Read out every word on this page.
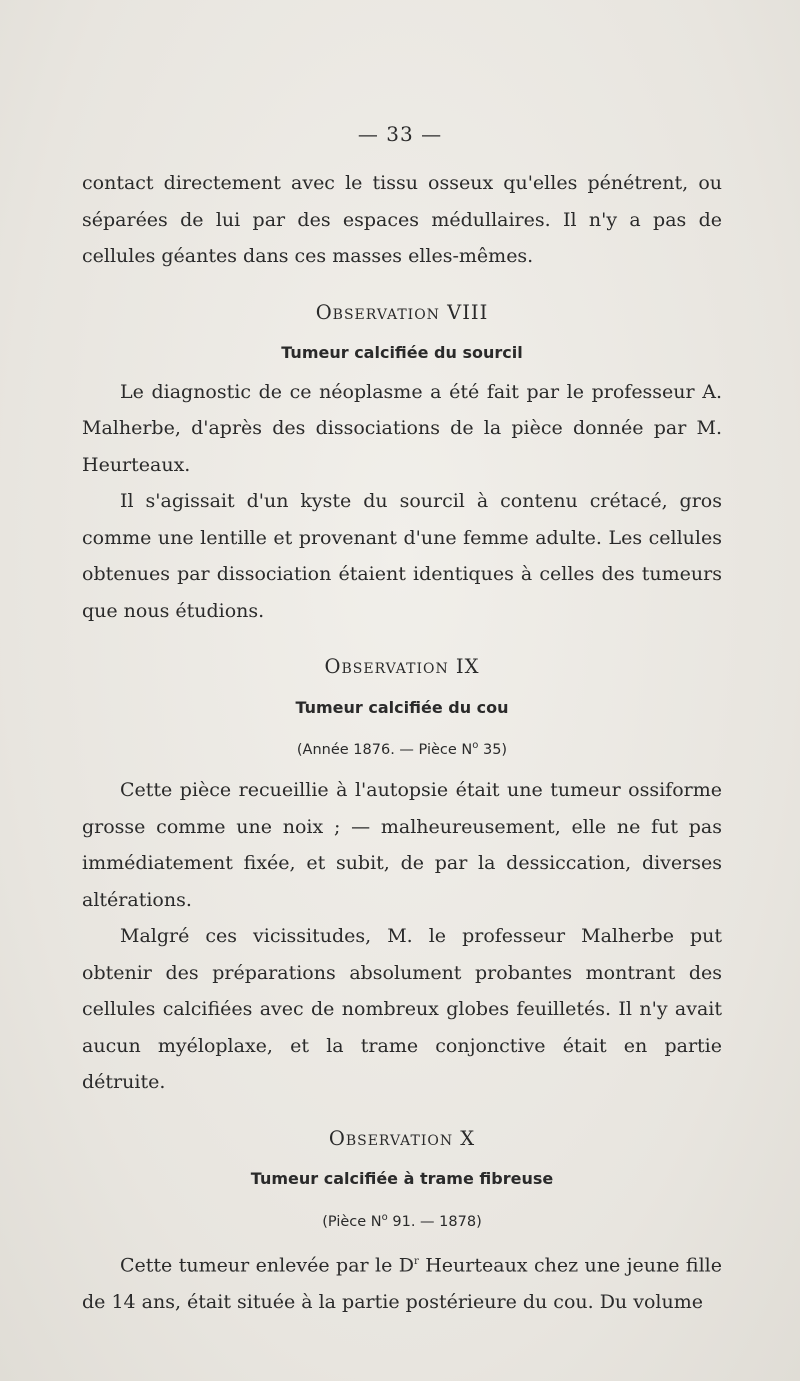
— 33 —

contact directement avec le tissu osseux qu'elles pénétrent, ou séparées de lui par des espaces médullaires. Il n'y a pas de cellules géantes dans ces masses elles-mêmes.

Observation VIII
Tumeur calcifiée du sourcil

Le diagnostic de ce néoplasme a été fait par le professeur A. Malherbe, d'après des dissociations de la pièce donnée par M. Heurteaux.

Il s'agissait d'un kyste du sourcil à contenu crétacé, gros comme une lentille et provenant d'une femme adulte. Les cellules obtenues par dissociation étaient identiques à celles des tumeurs que nous étudions.

Observation IX
Tumeur calcifiée du cou
(Année 1876. — Pièce $N^o$ 35)

Cette pièce recueillie à l'autopsie était une tumeur ossiforme grosse comme une noix ; — malheureusement, elle ne fut pas immédiatement fixée, et subit, de par la dessiccation, diverses altérations.

Malgré ces vicissitudes, M. le professeur Malherbe put obtenir des préparations absolument probantes montrant des cellules calcifiées avec de nombreux globes feuilletés. Il n'y avait aucun myéloplaxe, et la trame conjonctive était en partie détruite.

Observation X
Tumeur calcifiée à trame fibreuse
(Pièce $N^o$ 91. — 1878)

Cette tumeur enlevée par le $D^r$ Heurteaux chez une jeune fille de 14 ans, était située à la partie postérieure du cou. Du volume
